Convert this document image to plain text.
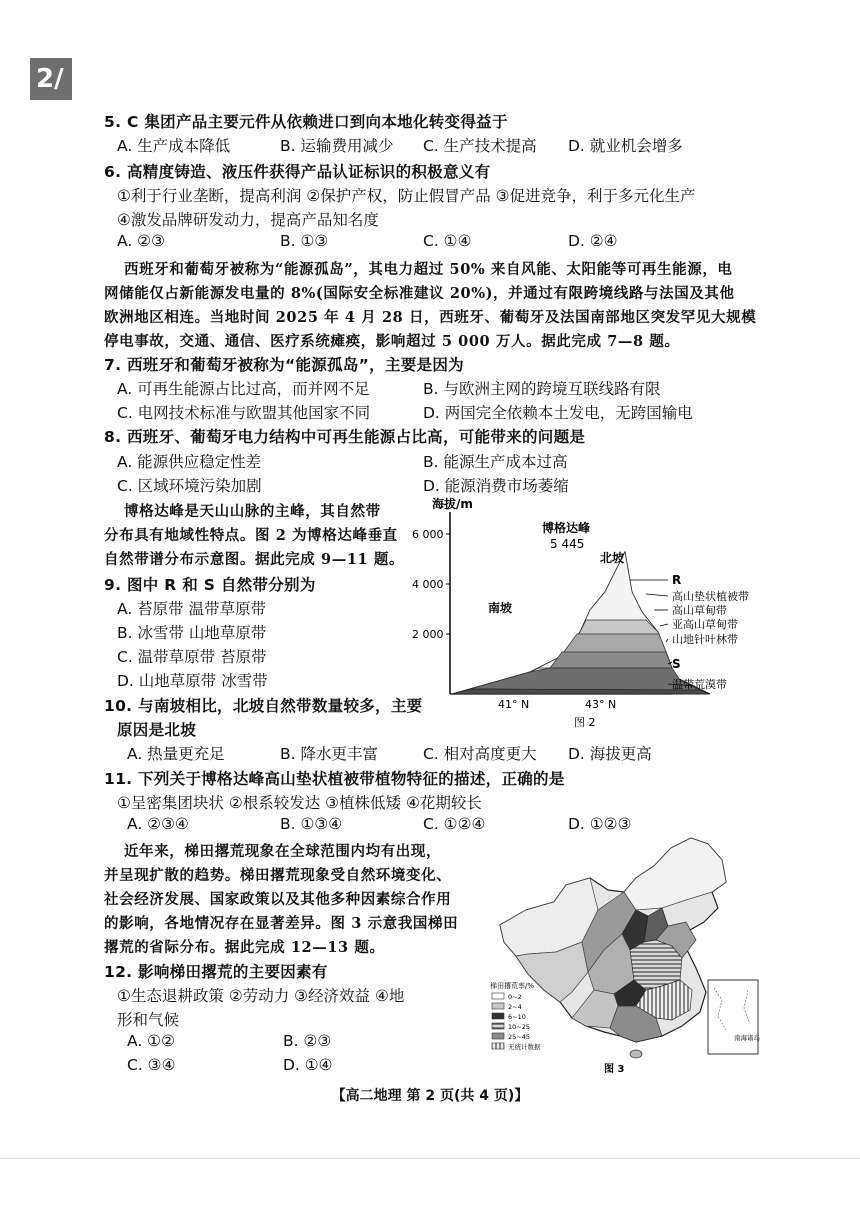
2/
5. C 集团产品主要元件从依赖进口到向本地化转变得益于
A. 生产成本降低	B. 运输费用减少 C. 生产技术提高 D. 就业机会增多
6. 高精度铸造、液压件获得产品认证标识的积极意义有
①利于行业垄断，提高利润 ②保护产权，防止假冒产品 ③促进竞争，利于多元化生产
④激发品牌研发动力，提高产品知名度
A. ②③	B. ①③	C. ①④	D. ②④
西班牙和葡萄牙被称为“能源孤岛”，其电力超过 50% 来自风能、太阳能等可再生能源，电
网储能仅占新能源发电量的 8%(国际安全标准建议 20%)，并通过有限跨境线路与法国及其他
欧洲地区相连。当地时间 2025 年 4 月 28 日，西班牙、葡萄牙及法国南部地区突发罕见大规模
停电事故，交通、通信、医疗系统瘫痪，影响超过 5 000 万人。据此完成 7—8 题。
7. 西班牙和葡萄牙被称为“能源孤岛”，主要是因为
A. 可再生能源占比过高，而并网不足	B. 与欧洲主网的跨境互联线路有限
C. 电网技术标准与欧盟其他国家不同	D. 两国完全依赖本土发电，无跨国输电
8. 西班牙、葡萄牙电力结构中可再生能源占比高，可能带来的问题是
A. 能源供应稳定性差	B. 能源生产成本过高
C. 区域环境污染加剧	D. 能源消费市场萎缩
博格达峰是天山山脉的主峰，其自然带
分布具有地域性特点。图 2 为博格达峰垂直
自然带谱分布示意图。据此完成 9—11 题。
9. 图中 R 和 S 自然带分别为
A. 苔原带 温带草原带
B. 冰雪带 山地草原带
C. 温带草原带 苔原带
D. 山地草原带 冰雪带
10. 与南坡相比，北坡自然带数量较多，主要
原因是北坡
A. 热量更充足	B. 降水更丰富	C. 相对高度更大 D. 海拔更高
11. 下列关于博格达峰高山垫状植被带植物特征的描述，正确的是
①呈密集团块状 ②根系较发达 ③植株低矮 ④花期较长
A. ②③④	B. ①③④	C. ①②④	D. ①②③
近年来，梯田撂荒现象在全球范围内均有出现，
并呈现扩散的趋势。梯田撂荒现象受自然环境变化、
社会经济发展、国家政策以及其他多种因素综合作用
的影响，各地情况存在显著差异。图 3 示意我国梯田
撂荒的省际分布。据此完成 12—13 题。
12. 影响梯田撂荒的主要因素有
①生态退耕政策 ②劳动力 ③经济效益 ④地
形和气候
A. ①②	B. ②③
C. ③④	D. ①④
海拔/m
6 000
4 000
2 000
博格达峰
5 445
北坡
南坡
R
高山垫状植被带
高山草甸带
亚高山草甸带
山地针叶林带
S
温带荒漠带
41° N	43° N
图 2
梯田撂荒率/%
0~2
2~4
6~10
10~25
25~45
无统计数据
南海诸岛
图 3
【高二地理 第 2 页(共 4 页)】
